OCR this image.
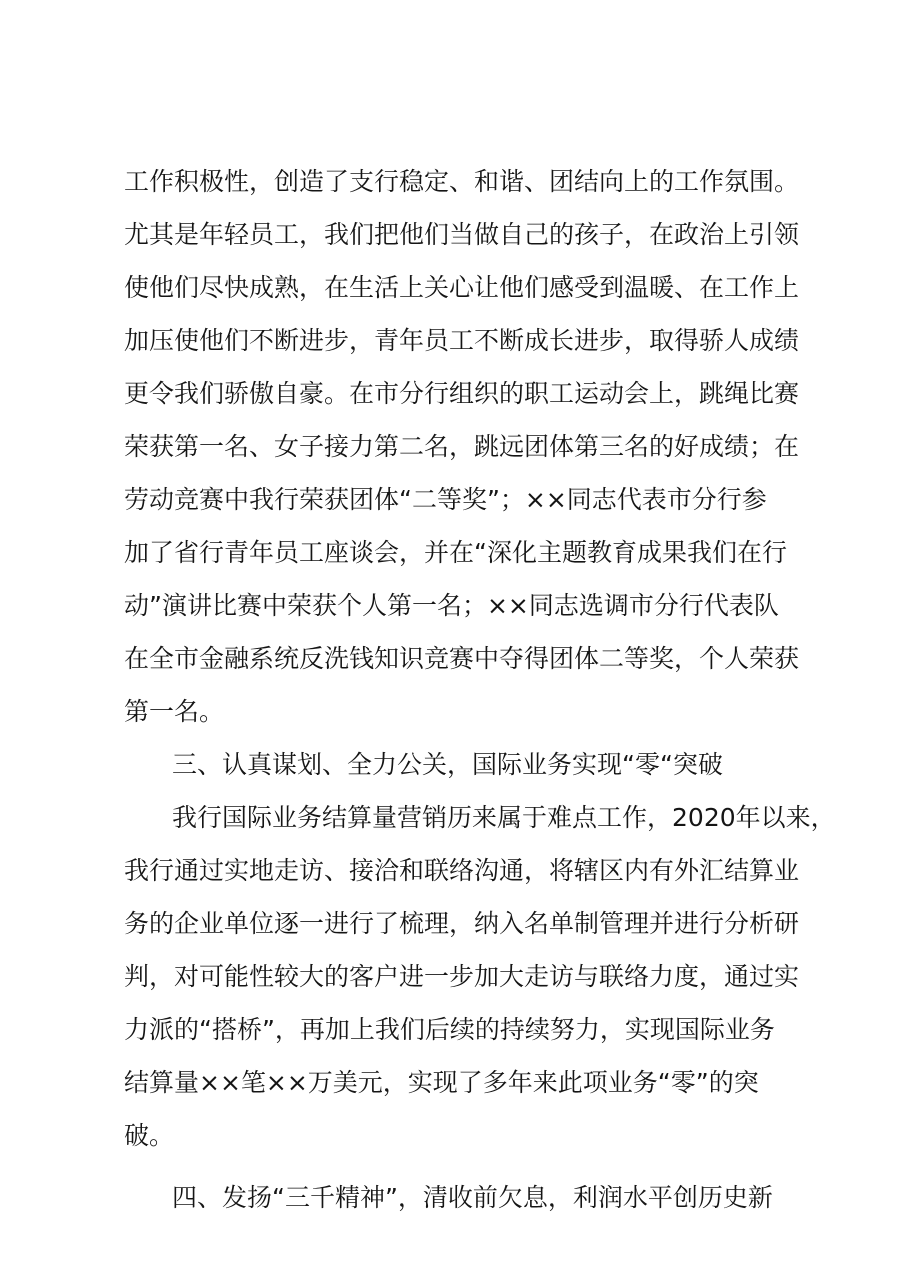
工作积极性，创造了支行稳定、和谐、团结向上的工作氛围。
尤其是年轻员工，我们把他们当做自己的孩子，在政治上引领
使他们尽快成熟，在生活上关心让他们感受到温暖、在工作上
加压使他们不断进步，青年员工不断成长进步，取得骄人成绩
更令我们骄傲自豪。在市分行组织的职工运动会上，跳绳比赛
荣获第一名、女子接力第二名，跳远团体第三名的好成绩；在
劳动竞赛中我行荣获团体“二等奖”；××同志代表市分行参
加了省行青年员工座谈会，并在“深化主题教育成果我们在行
动”演讲比赛中荣获个人第一名；××同志选调市分行代表队
在全市金融系统反洗钱知识竞赛中夺得团体二等奖，个人荣获
第一名。
三、认真谋划、全力公关，国际业务实现“零“突破
我行国际业务结算量营销历来属于难点工作，2020年以来，
我行通过实地走访、接洽和联络沟通，将辖区内有外汇结算业
务的企业单位逐一进行了梳理，纳入名单制管理并进行分析研
判，对可能性较大的客户进一步加大走访与联络力度，通过实
力派的“搭桥”，再加上我们后续的持续努力，实现国际业务
结算量××笔××万美元，实现了多年来此项业务“零”的突
破。
四、发扬“三千精神”，清收前欠息，利润水平创历史新
